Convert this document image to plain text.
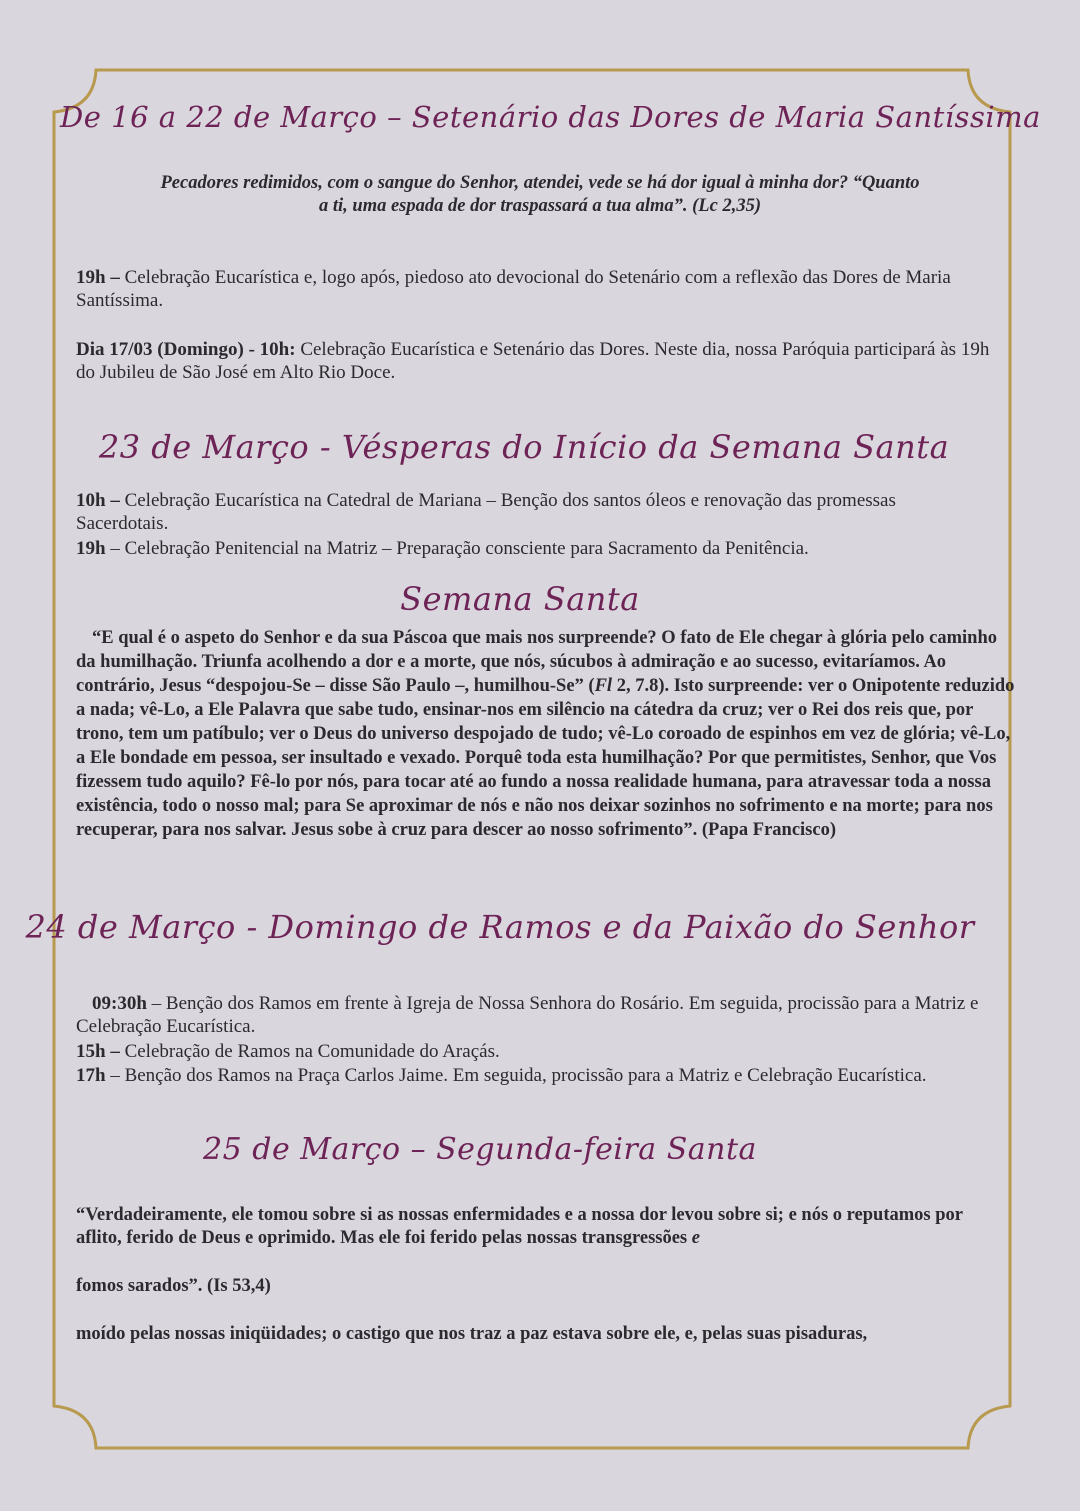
De 16 a 22 de Março – Setenário das Dores de Maria Santíssima
Pecadores redimidos, com o sangue do Senhor, atendei, vede se há dor igual à minha dor? “Quanto
a ti, uma espada de dor traspassará a tua alma”. (Lc 2,35)
19h – Celebração Eucarística e, logo após, piedoso ato devocional do Setenário com a reflexão das Dores de Maria Santíssima.
Dia 17/03 (Domingo) - 10h: Celebração Eucarística e Setenário das Dores. Neste dia, nossa Paróquia participará às 19h do Jubileu de São José em Alto Rio Doce.
23 de Março - Vésperas do Início da Semana Santa
10h – Celebração Eucarística na Catedral de Mariana – Benção dos santos óleos e renovação das promessas Sacerdotais.
19h – Celebração Penitencial na Matriz – Preparação consciente para Sacramento da Penitência.
Semana Santa
“E qual é o aspeto do Senhor e da sua Páscoa que mais nos surpreende? O fato de Ele chegar à glória pelo caminho da humilhação. Triunfa acolhendo a dor e a morte, que nós, súcubos à admiração e ao sucesso, evitaríamos. Ao contrário, Jesus “despojou-Se – disse São Paulo –, humilhou-Se” (Fl 2, 7.8). Isto surpreende: ver o Onipotente reduzido a nada; vê-Lo, a Ele Palavra que sabe tudo, ensinar-nos em silêncio na cátedra da cruz; ver o Rei dos reis que, por trono, tem um patíbulo; ver o Deus do universo despojado de tudo; vê-Lo coroado de espinhos em vez de glória; vê-Lo, a Ele bondade em pessoa, ser insultado e vexado. Porquê toda esta humilhação? Por que permitistes, Senhor, que Vos fizessem tudo aquilo? Fê-lo por nós, para tocar até ao fundo a nossa realidade humana, para atravessar toda a nossa existência, todo o nosso mal; para Se aproximar de nós e não nos deixar sozinhos no sofrimento e na morte; para nos recuperar, para nos salvar. Jesus sobe à cruz para descer ao nosso sofrimento”. (Papa Francisco)
24 de Março - Domingo de Ramos e da Paixão do Senhor
09:30h – Benção dos Ramos em frente à Igreja de Nossa Senhora do Rosário. Em seguida, procissão para a Matriz e Celebração Eucarística.
15h – Celebração de Ramos na Comunidade do Araçás.
17h – Benção dos Ramos na Praça Carlos Jaime. Em seguida, procissão para a Matriz e Celebração Eucarística.
25 de Março – Segunda-feira Santa
“Verdadeiramente, ele tomou sobre si as nossas enfermidades e a nossa dor levou sobre si; e nós o reputamos por aflito, ferido de Deus e oprimido. Mas ele foi ferido pelas nossas transgressões e
fomos sarados”. (Is 53,4)
moído pelas nossas iniqüidades; o castigo que nos traz a paz estava sobre ele, e, pelas suas pisaduras,
